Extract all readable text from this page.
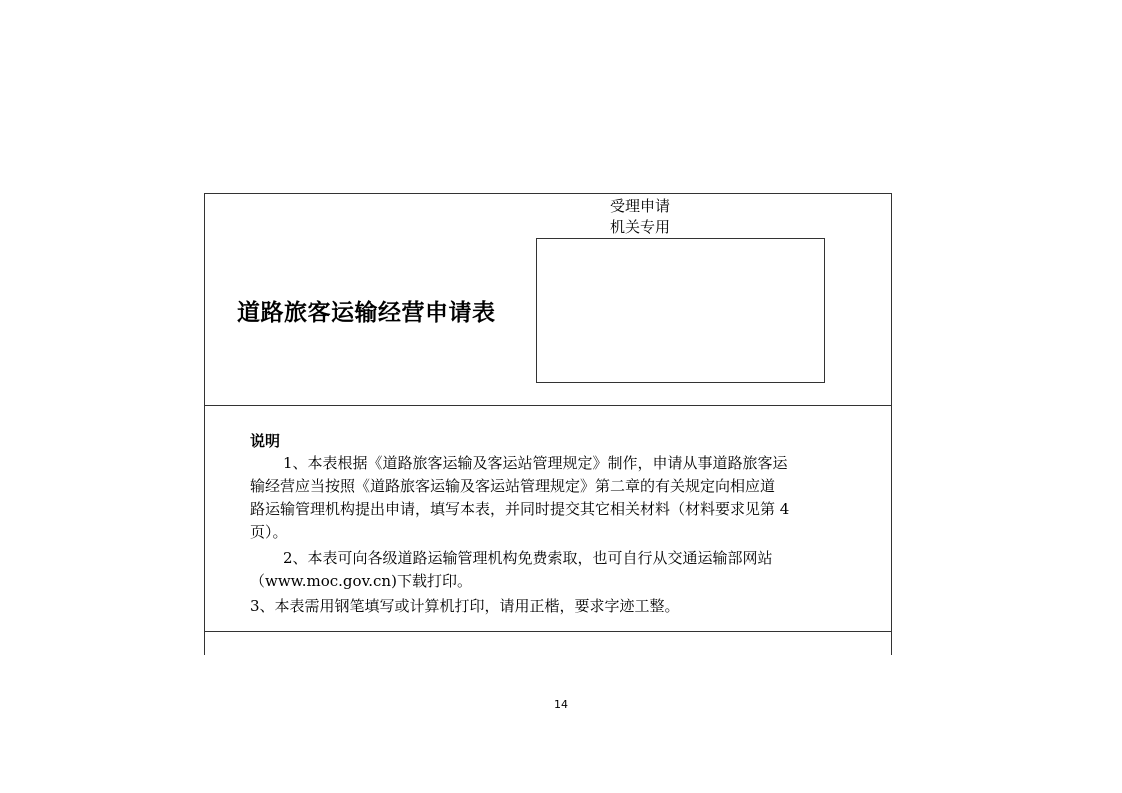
道路旅客运输经营申请表
受理申请
机关专用
说明
1、本表根据《道路旅客运输及客运站管理规定》制作，申请从事道路旅客运
输经营应当按照《道路旅客运输及客运站管理规定》第二章的有关规定向相应道
路运输管理机构提出申请，填写本表，并同时提交其它相关材料（材料要求见第 4
页）。
2、本表可向各级道路运输管理机构免费索取，也可自行从交通运输部网站
（www.moc.gov.cn)下载打印。
3、本表需用钢笔填写或计算机打印，请用正楷，要求字迹工整。
14
